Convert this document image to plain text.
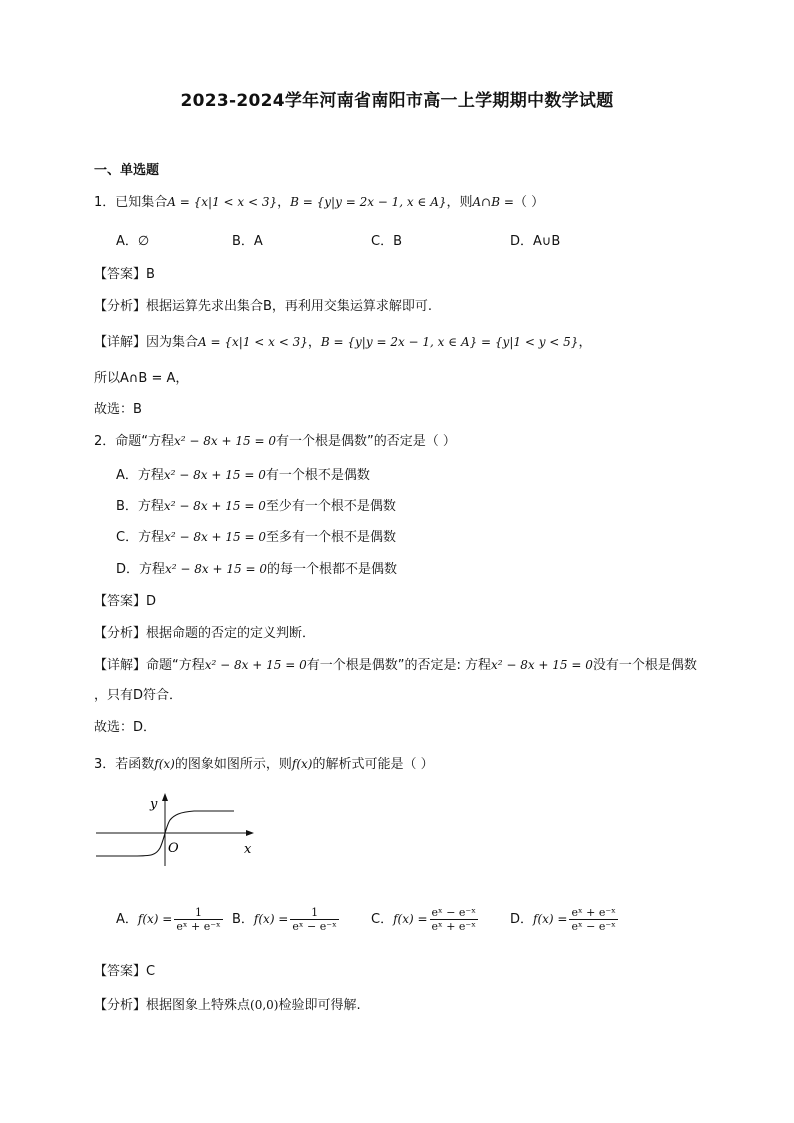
2023-2024学年河南省南阳市高一上学期期中数学试题
一、单选题
1．已知集合A = {x|1 < x < 3}，B = {y|y = 2x − 1, x ∈ A}，则A∩B =（ ）
A．∅	B．A	C．B	D．A∪B
【答案】B
【分析】根据运算先求出集合B，再利用交集运算求解即可.
【详解】因为集合A = {x|1 < x < 3}，B = {y|y = 2x − 1, x ∈ A} = {y|1 < y < 5}，
所以A∩B = A，
故选：B
2．命题“方程x² − 8x + 15 = 0有一个根是偶数”的否定是（ ）
A．方程x² − 8x + 15 = 0有一个根不是偶数
B．方程x² − 8x + 15 = 0至少有一个根不是偶数
C．方程x² − 8x + 15 = 0至多有一个根不是偶数
D．方程x² − 8x + 15 = 0的每一个根都不是偶数
【答案】D
【分析】根据命题的否定的定义判断．
【详解】命题“方程x² − 8x + 15 = 0有一个根是偶数”的否定是: 方程x² − 8x + 15 = 0没有一个根是偶数
，只有D符合．
故选：D．
3．若函数f(x)的图象如图所示，则f(x)的解析式可能是（ ）
y
x
O
A．$f(x) = \frac{1}{\text{eˣ + e⁻ˣ}}$ B．$f(x) = \frac{1}{\text{eˣ − e⁻ˣ}}$ C．$f(x) = \frac{\text{eˣ − e⁻ˣ}}{\text{eˣ + e⁻ˣ}}$ D．$f(x) = \frac{\text{eˣ + e⁻ˣ}}{\text{eˣ − e⁻ˣ}}$
【答案】C
【分析】根据图象上特殊点(0,0)检验即可得解.
